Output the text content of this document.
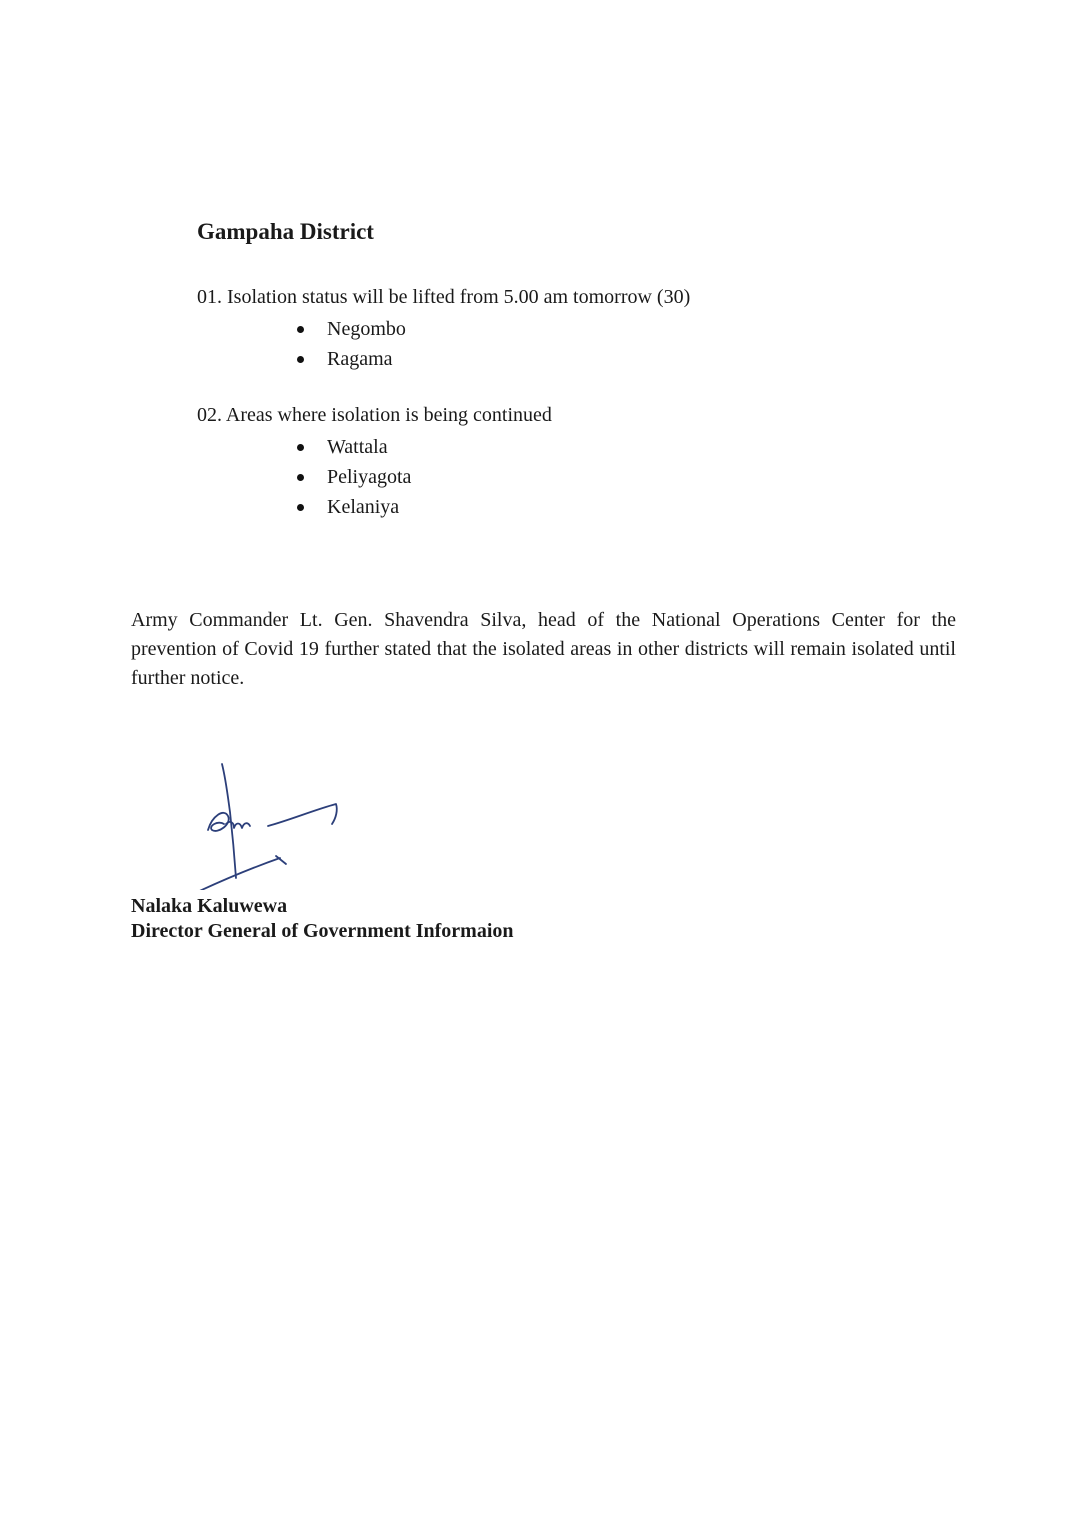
Gampaha District

01. Isolation status will be lifted from 5.00 am tomorrow (30)

Negombo
Ragama

02. Areas where isolation is being continued

Wattala
Peliyagota
Kelaniya

Army Commander Lt. Gen. Shavendra Silva, head of the National Operations Center for the prevention of Covid 19 further stated that the isolated areas in other districts will remain isolated until further notice.

Nalaka Kaluwewa

Director General of Government Informaion
